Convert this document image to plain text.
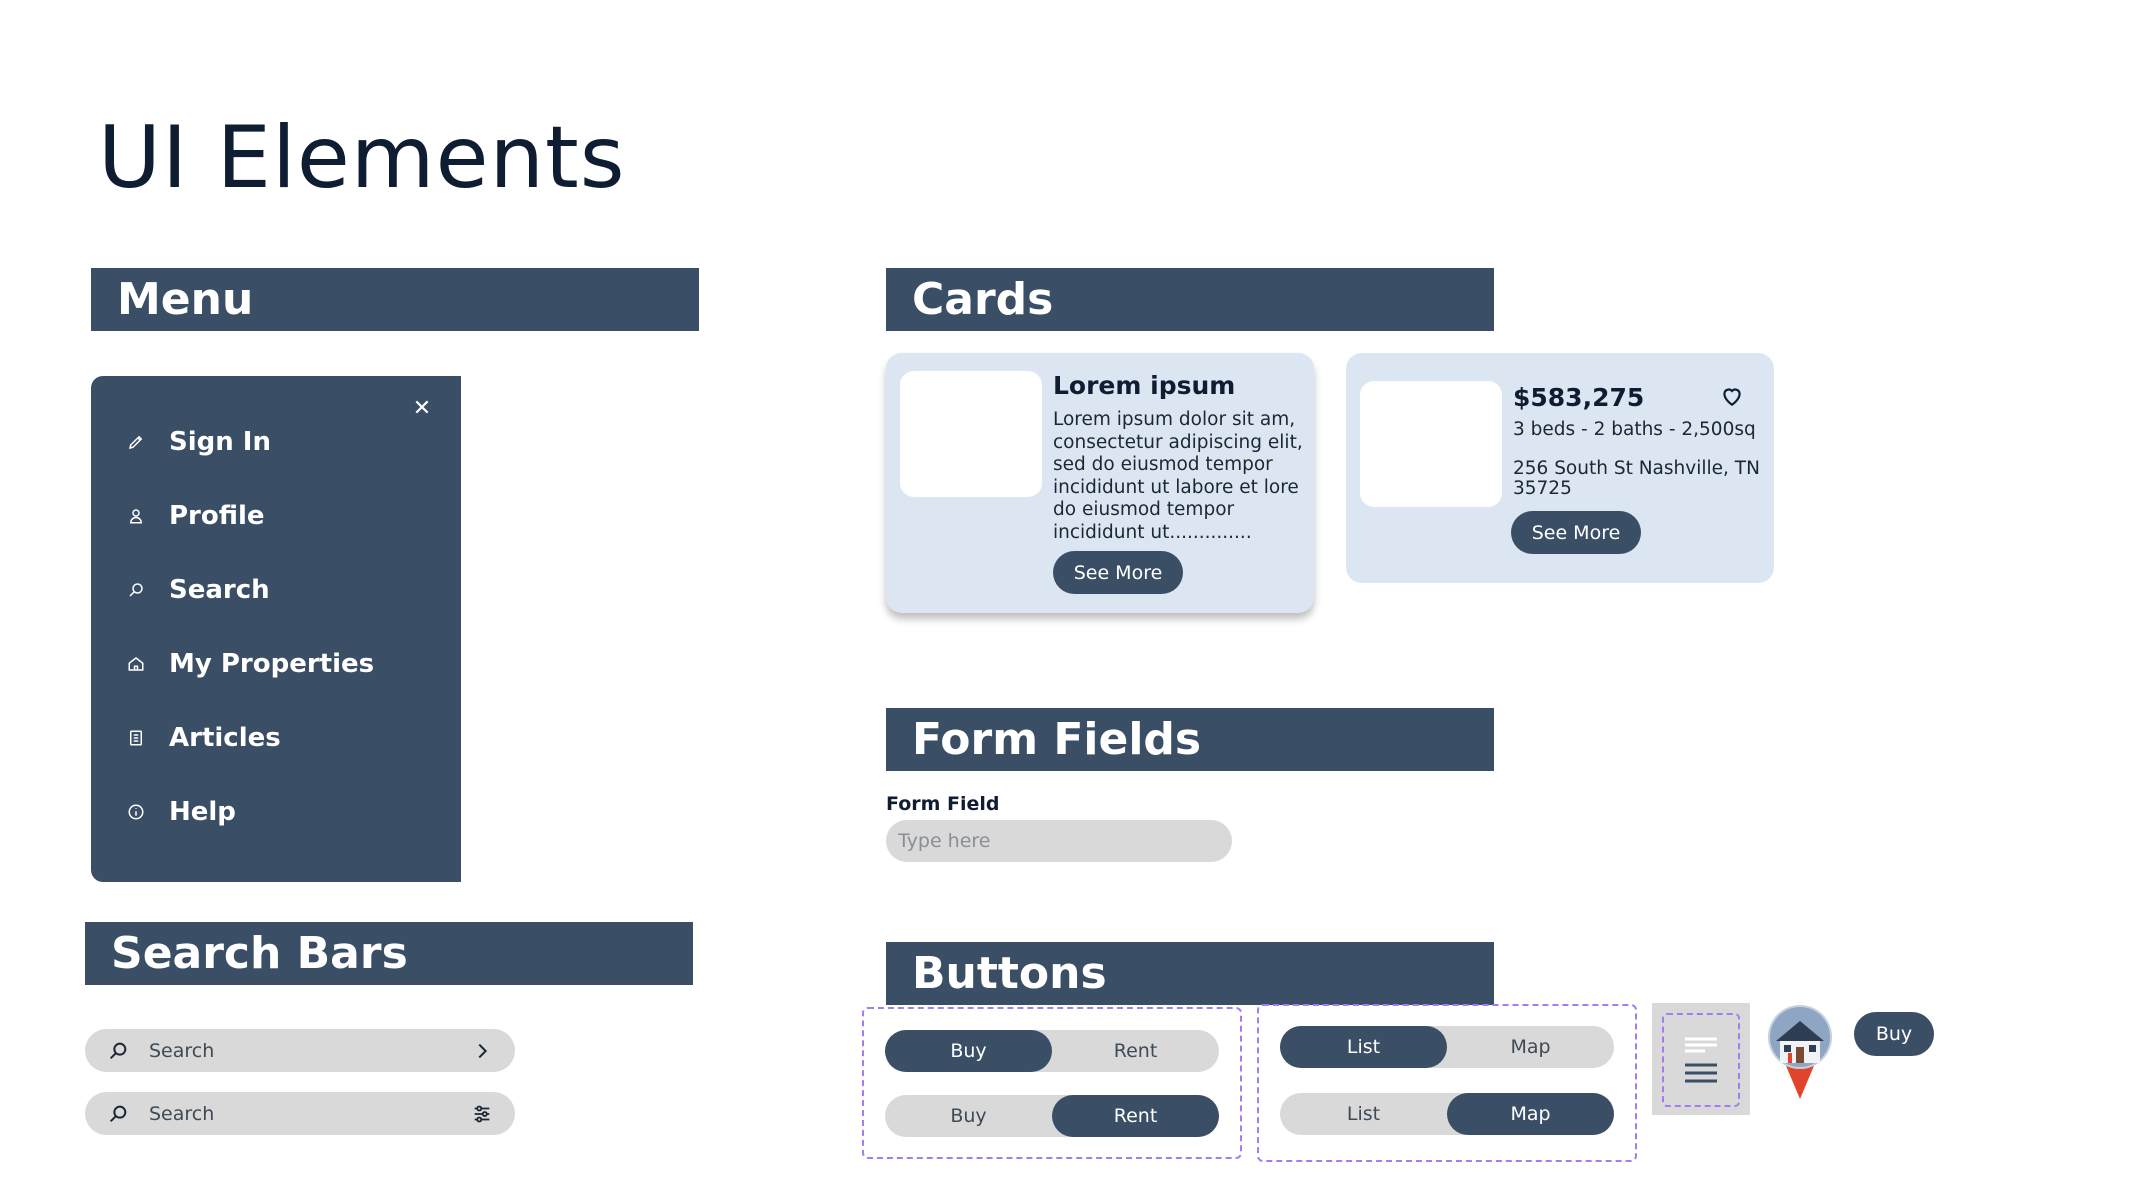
UI Elements
Menu
✕
Sign In
Profile
Search
My Properties
Articles
Help
Search Bars
Search
Search
Cards
Lorem ipsum
Lorem ipsum dolor sit am, consectetur adipiscing elit, sed do eiusmod tempor incididunt ut labore et lore do eiusmod tempor incididunt ut..............
See More
$583,275
3 beds - 2 baths - 2,500sq
256 South St Nashville, TN 35725
See More
Form Fields
Form Field
Type here
Buttons
Buy	Rent
Buy	Rent
List	Map
List	Map
Buy
